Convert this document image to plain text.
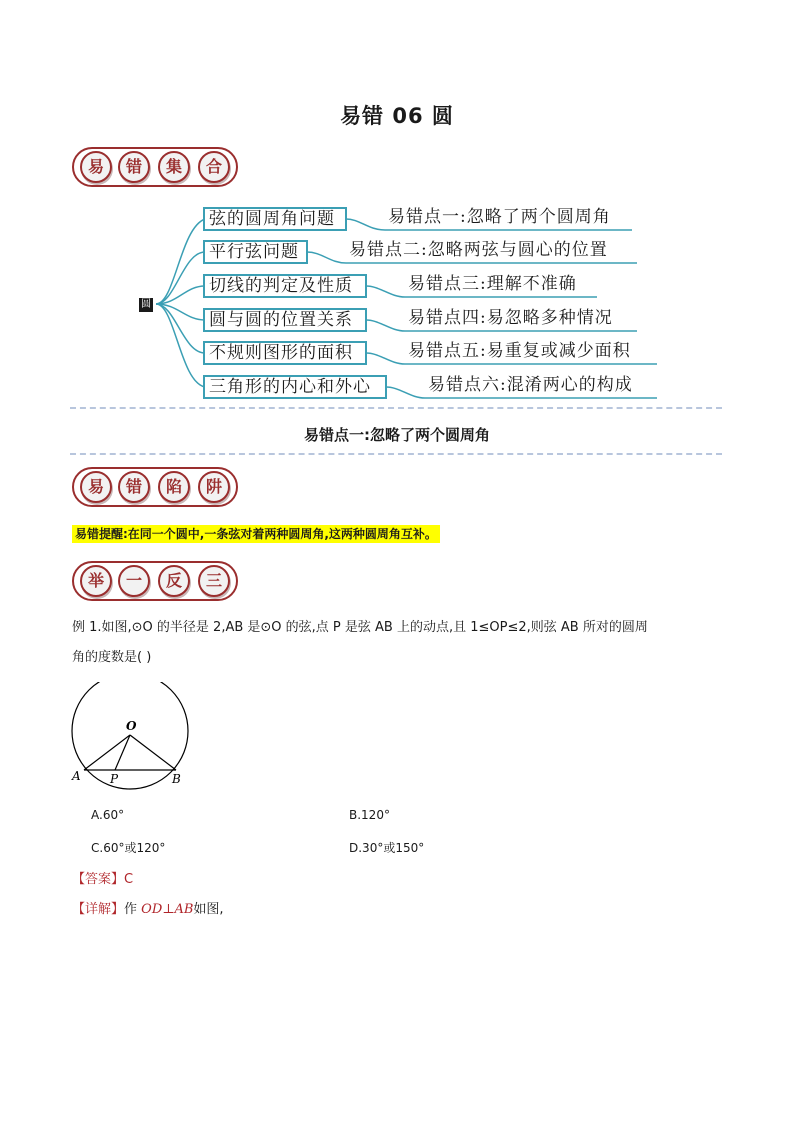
易错 06 圆
易	错	集	合
圆
弦的圆周角问题
平行弦问题
切线的判定及性质
圆与圆的位置关系
不规则图形的面积
三角形的内心和外心
易错点一:忽略了两个圆周角
易错点二:忽略两弦与圆心的位置
易错点三:理解不准确
易错点四:易忽略多种情况
易错点五:易重复或减少面积
易错点六:混淆两心的构成
易错点一:忽略了两个圆周角
易	错	陷	阱
易错提醒:在同一个圆中,一条弦对着两种圆周角,这两种圆周角互补。
举	一	反	三
例 1.如图,⊙O 的半径是 2,AB 是⊙O 的弦,点 P 是弦 AB 上的动点,且 1≤OP≤2,则弦 AB 所对的圆周
角的度数是( )
O
A P	B
A.60°	B.120°
C.60°或120°	D.30°或150°
【答案】C
【详解】作 OD⊥AB如图,
